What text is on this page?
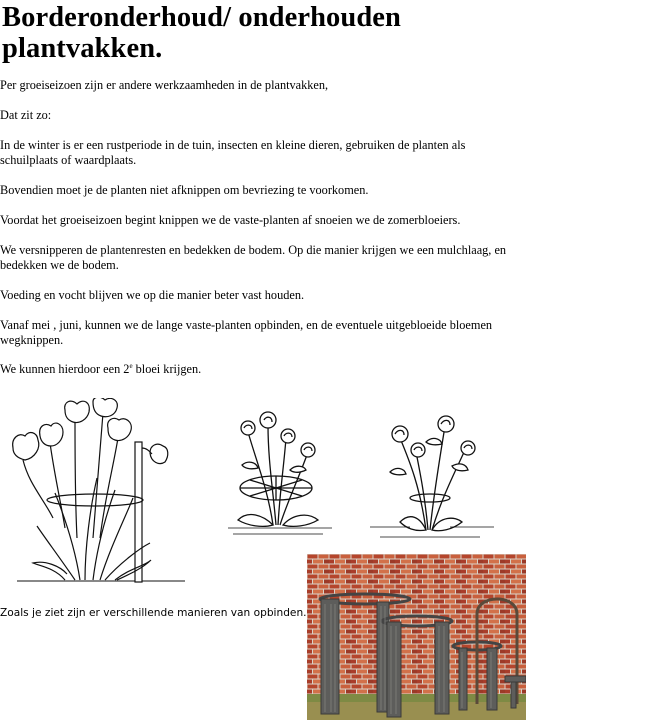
Borderonderhoud/ onderhouden plantvakken.

Per groeiseizoen zijn er andere werkzaamheden in de plantvakken,

Dat zit zo:

In de winter is er een rustperiode in de tuin, insecten en kleine dieren, gebruiken de planten als schuilplaats of waardplaats.

Bovendien moet je de planten niet afknippen om bevriezing te voorkomen.

Voordat het groeiseizoen begint knippen we de vaste-planten af snoeien we de zomerbloeiers.

We versnipperen de plantenresten en bedekken de bodem. Op die manier krijgen we een mulchlaag, en bedekken we de bodem.

Voeding en vocht blijven we op die manier beter vast houden.

Vanaf mei , juni, kunnen we de lange vaste-planten opbinden, en de eventuele uitgebloeide bloemen wegknippen.

We kunnen hierdoor een 2e bloei krijgen.

Zoals je ziet zijn er verschillende manieren van opbinden.
